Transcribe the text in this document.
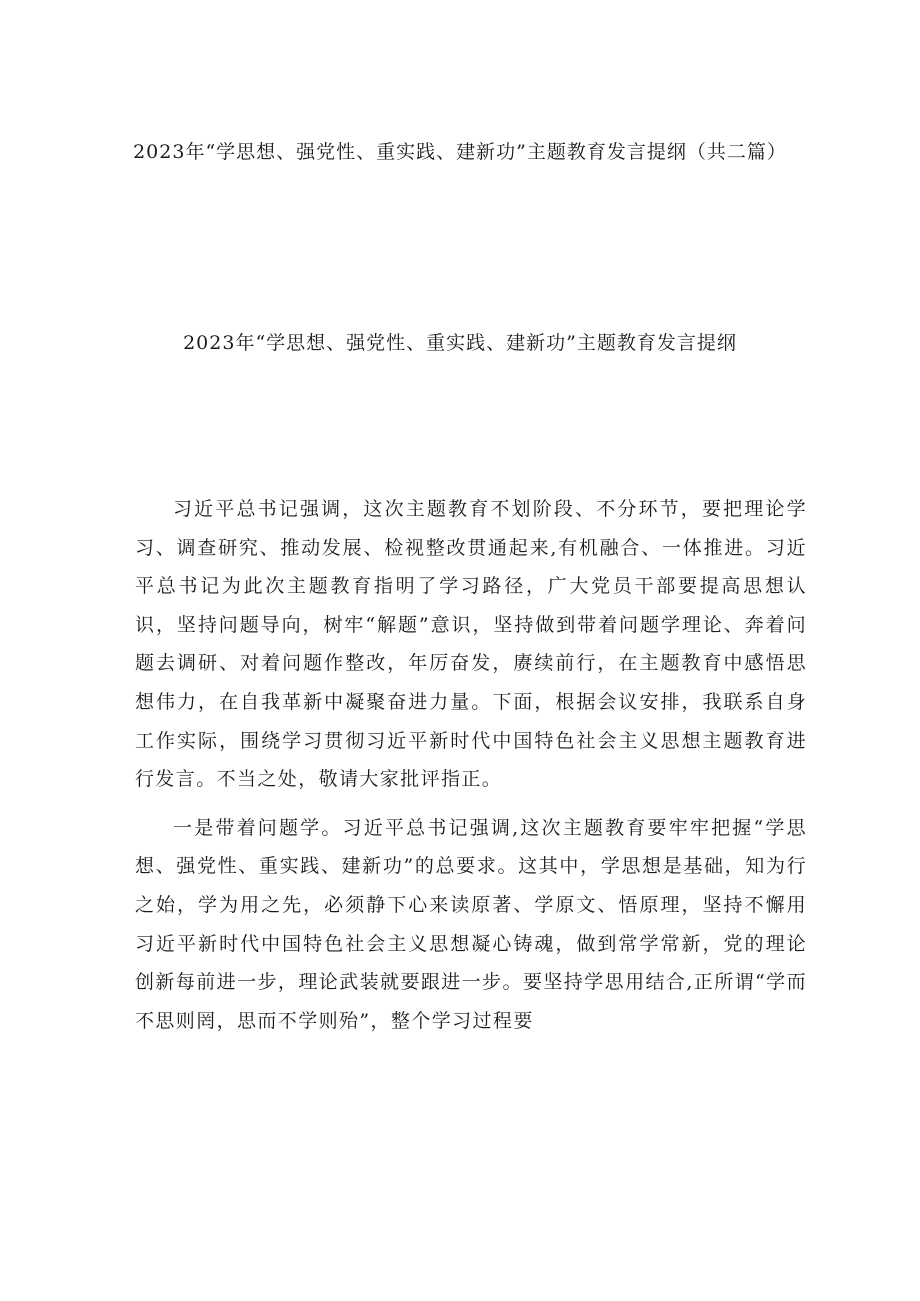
2023年“学思想、强党性、重实践、建新功”主题教育发言提纲（共二篇）
2023年“学思想、强党性、重实践、建新功”主题教育发言提纲

习近平总书记强调，这次主题教育不划阶段、不分环节，要把理论学习、调查研究、推动发展、检视整改贯通起来,有机融合、一体推进。习近平总书记为此次主题教育指明了学习路径，广大党员干部要提高思想认识，坚持问题导向，树牢“解题”意识，坚持做到带着问题学理论、奔着问题去调研、对着问题作整改，年厉奋发，赓续前行，在主题教育中感悟思想伟力，在自我革新中凝聚奋进力量。下面，根据会议安排，我联系自身工作实际，围绕学习贯彻习近平新时代中国特色社会主义思想主题教育进行发言。不当之处，敬请大家批评指正。

一是带着问题学。习近平总书记强调,这次主题教育要牢牢把握“学思想、强党性、重实践、建新功”的总要求。这其中，学思想是基础，知为行之始，学为用之先，必须静下心来读原著、学原文、悟原理，坚持不懈用习近平新时代中国特色社会主义思想凝心铸魂，做到常学常新，党的理论创新每前进一步，理论武装就要跟进一步。要坚持学思用结合,正所谓“学而不思则罔，思而不学则殆”，整个学习过程要
